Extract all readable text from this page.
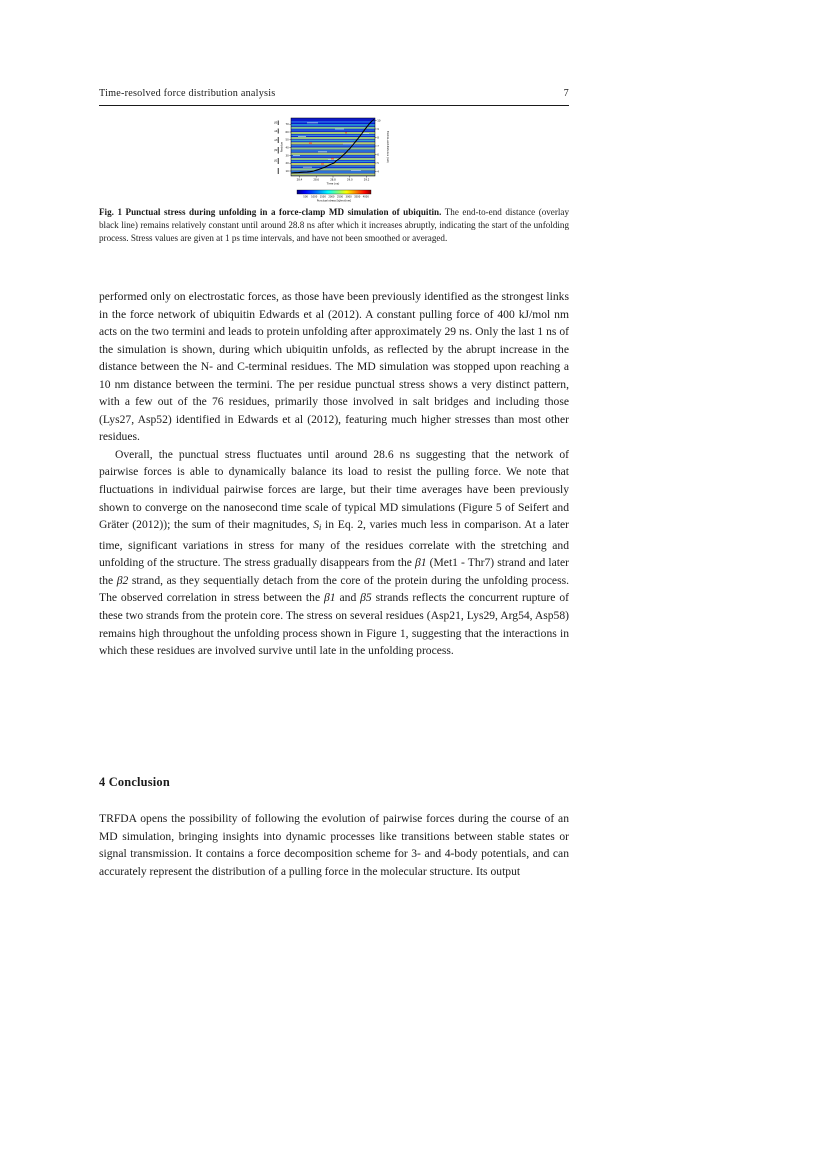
Time-resolved force distribution analysis	7
70
60
50
40
30
20
10
Residue
β5
α4
α3
β2
β1
28.4	28.6	28.8	29.0	29.2
Time (ns)
10
9
8
7
6
5
4
End-to-end distance (nm)
500 1000 1500 2000 2500 3000 3500 4000
Punctual stress [kJ/mol/nm]
Fig. 1 Punctual stress during unfolding in a force-clamp MD simulation of ubiquitin. The end-to-end distance (overlay black line) remains relatively constant until around 28.8 ns after which it increases abruptly, indicating the start of the unfolding process. Stress values are given at 1 ps time intervals, and have not been smoothed or averaged.

performed only on electrostatic forces, as those have been previously identified as the strongest links in the force network of ubiquitin Edwards et al (2012). A constant pulling force of 400 kJ/mol nm acts on the two termini and leads to protein unfolding after approximately 29 ns. Only the last 1 ns of the simulation is shown, during which ubiquitin unfolds, as reflected by the abrupt increase in the distance between the N- and C-terminal residues. The MD simulation was stopped upon reaching a 10 nm distance between the termini. The per residue punctual stress shows a very distinct pattern, with a few out of the 76 residues, primarily those involved in salt bridges and including those (Lys27, Asp52) identified in Edwards et al (2012), featuring much higher stresses than most other residues.

Overall, the punctual stress fluctuates until around 28.6 ns suggesting that the network of pairwise forces is able to dynamically balance its load to resist the pulling force. We note that fluctuations in individual pairwise forces are large, but their time averages have been previously shown to converge on the nanosecond time scale of typical MD simulations (Figure 5 of Seifert and Gräter (2012)); the sum of their magnitudes, $S_i$ in Eq. 2, varies much less in comparison. At a later time, significant variations in stress for many of the residues correlate with the stretching and unfolding of the structure. The stress gradually disappears from the β1 (Met1 - Thr7) strand and later the β2 strand, as they sequentially detach from the core of the protein during the unfolding process. The observed correlation in stress between the β1 and β5 strands reflects the concurrent rupture of these two strands from the protein core. The stress on several residues (Asp21, Lys29, Arg54, Asp58) remains high throughout the unfolding process shown in Figure 1, suggesting that the interactions in which these residues are involved survive until late in the unfolding process.

4 Conclusion

TRFDA opens the possibility of following the evolution of pairwise forces during the course of an MD simulation, bringing insights into dynamic processes like transitions between stable states or signal transmission. It contains a force decomposition scheme for 3- and 4-body potentials, and can accurately represent the distribution of a pulling force in the molecular structure. Its output
